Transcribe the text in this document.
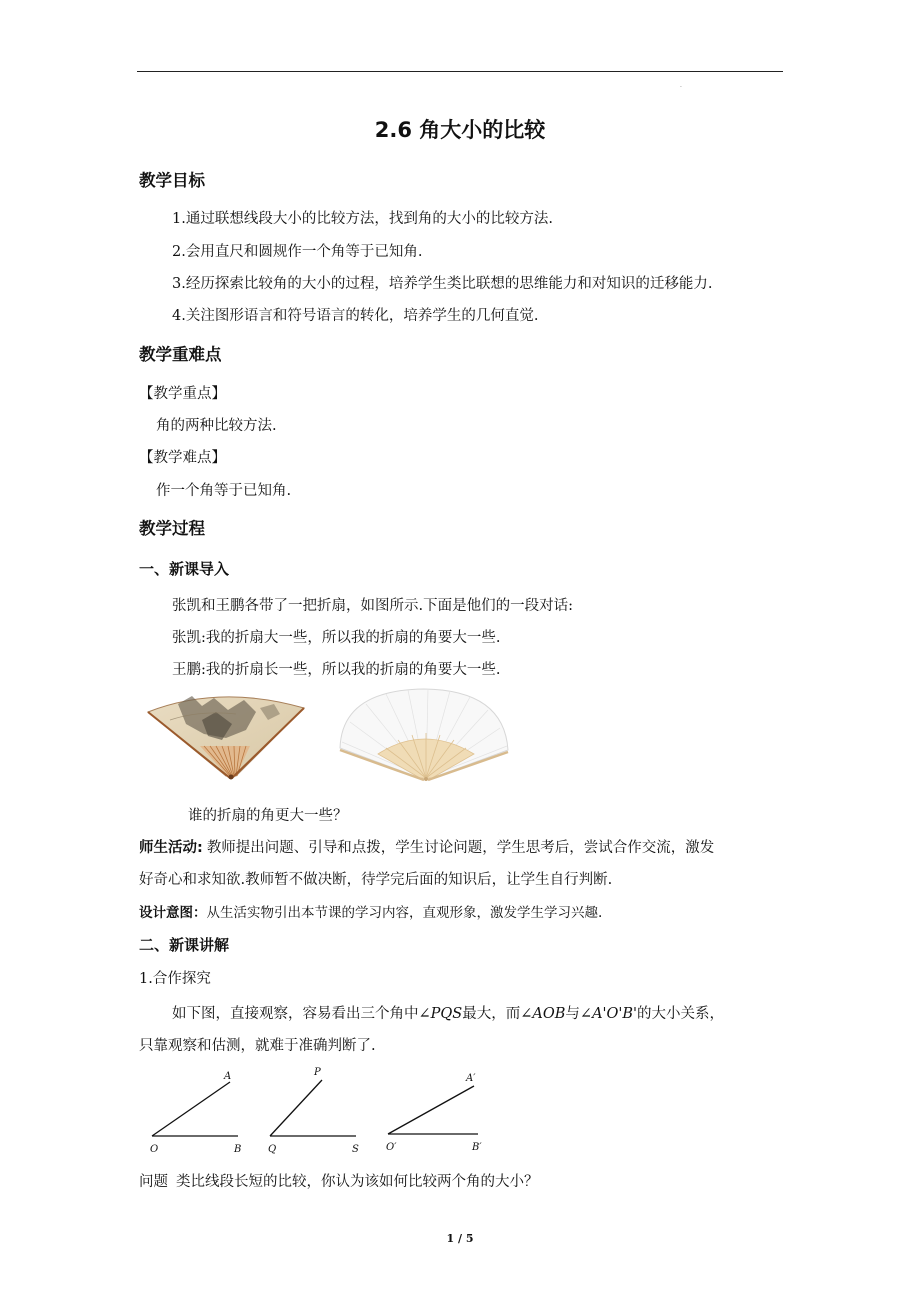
·
2.6 角大小的比较
教学目标
1.通过联想线段大小的比较方法，找到角的大小的比较方法.
2.会用直尺和圆规作一个角等于已知角.
3.经历探索比较角的大小的过程，培养学生类比联想的思维能力和对知识的迁移能力.
4.关注图形语言和符号语言的转化，培养学生的几何直觉.
教学重难点
【教学重点】
角的两种比较方法.
【教学难点】
作一个角等于已知角.
教学过程
一、新课导入
张凯和王鹏各带了一把折扇，如图所示.下面是他们的一段对话:
张凯:我的折扇大一些，所以我的折扇的角要大一些.
王鹏:我的折扇长一些，所以我的折扇的角要大一些.
谁的折扇的角更大一些？
师生活动: 教师提出问题、引导和点拨，学生讨论问题，学生思考后，尝试合作交流，激发
好奇心和求知欲.教师暂不做决断，待学完后面的知识后，让学生自行判断.
设计意图：从生活实物引出本节课的学习内容，直观形象，激发学生学习兴趣.
二、新课讲解
1.合作探究
如下图，直接观察，容易看出三个角中∠PQS最大，而∠AOB与∠A'O'B'的大小关系，
只靠观察和估测，就难于准确判断了.
O	B
A
Q	S
P
O′	B′
A′
问题 类比线段长短的比较，你认为该如何比较两个角的大小？
1 / 5
